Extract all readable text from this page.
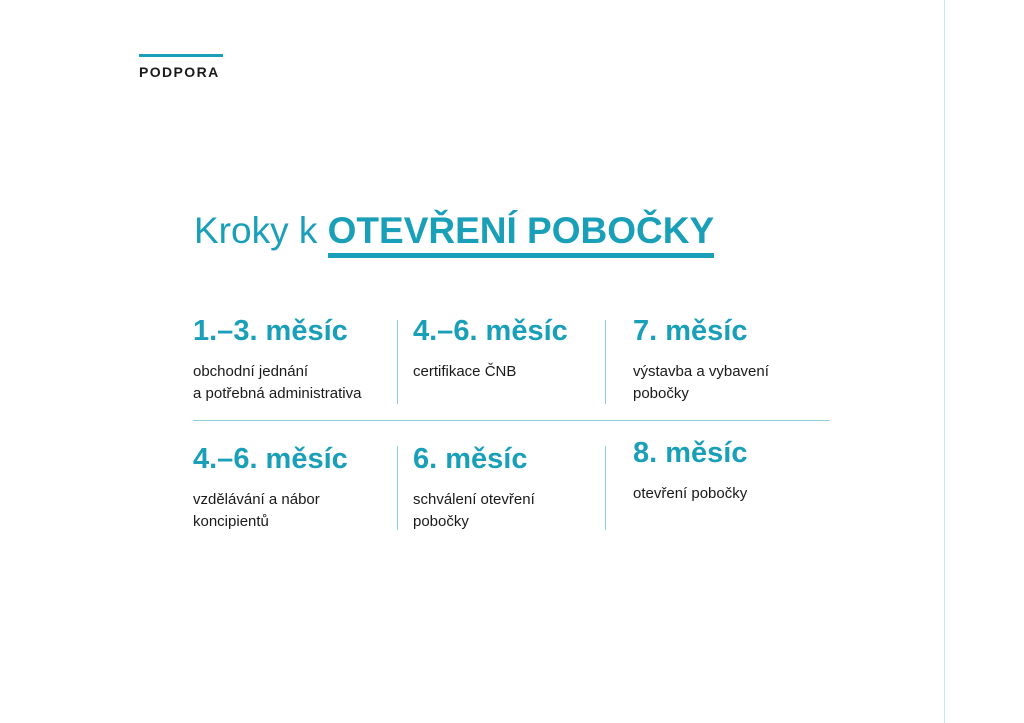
PODPORA
Kroky k OTEVŘENÍ POBOČKY
1.–3. měsíc
obchodní jednání
a potřebná administrativa
4.–6. měsíc
certifikace ČNB
7. měsíc
výstavba a vybavení
pobočky
4.–6. měsíc
vzdělávání a nábor
koncipientů
6. měsíc
schválení otevření
pobočky
8. měsíc
otevření pobočky
